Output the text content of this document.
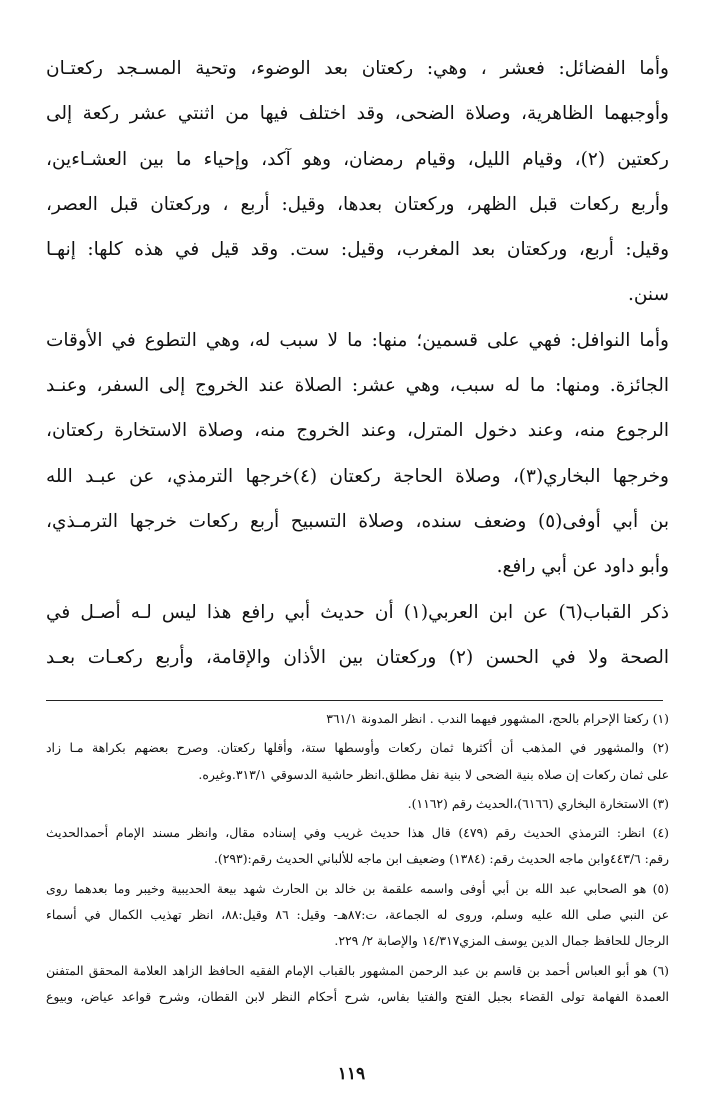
وأما الفضائل: فعشر ، وهي: ركعتان بعد الوضوء، وتحية المسـجد ركعتـان
وأوجبهما الظاهرية، وصلاة الضحى، وقد اختلف فيها من اثنتي عشر ركعة إلى
ركعتين (٢)، وقيام الليل، وقيام رمضان، وهو آكد، وإحياء ما بين العشـاءين،
وأربع ركعات قبل الظهر، وركعتان بعدها، وقيل: أربع ، وركعتان قبل العصر،
وقيل: أربع، وركعتان بعد المغرب، وقيل: ست. وقد قيل في هذه كلها: إنهـا
سنن.
وأما النوافل: فهي على قسمين؛ منها: ما لا سبب له، وهي التطوع في الأوقات
الجائزة. ومنها: ما له سبب، وهي عشر: الصلاة عند الخروج إلى السفر، وعنـد
الرجوع منه، وعند دخول المترل، وعند الخروج منه، وصلاة الاستخارة ركعتان،
وخرجها البخاري(٣)، وصلاة الحاجة ركعتان (٤)خرجها الترمذي، عن عبـد الله
بن أبي أوفى(٥) وضعف سنده، وصلاة التسبيح أربع ركعات خرجها الترمـذي،
وأبو داود عن أبي رافع.
ذكر القباب(٦) عن ابن العربي(١) أن حديث أبي رافع هذا ليس لـه أصـل في
الصحة ولا في الحسن (٢) وركعتان بين الأذان والإقامة، وأربع ركعـات بعـد
(١) ركعتا الإحرام بالحج، المشهور فيهما الندب . انظر المدونة ٣٦١/١
(٢) والمشهور في المذهب أن أكثرها ثمان ركعات وأوسطها ستة، وأقلها ركعتان. وصرح بعضهم بكراهة مـا زاد
على ثمان ركعات إن صلاه بنية الضحى لا بنية نفل مطلق.انظر حاشية الدسوقي ٣١٣/١.وغيره.
(٣) الاستخارة البخاري (٦١٦٦)،الحديث رقم (١١٦٢).
(٤) انظر: الترمذي الحديث رقم (٤٧٩) قال هذا حديث غريب وفي إسناده مقال، وانظر مسند الإمام أحمدالحديث
رقم: ٤٤٣/٦وابن ماجه الحديث رقم: (١٣٨٤) وضعيف ابن ماجه للألباني الحديث رقم:(٢٩٣).
(٥) هو الصحابي عبد الله بن أبي أوفى واسمه علقمة بن خالد بن الحارث شهد بيعة الحديبية وخيبر وما بعدهما روى
عن النبي صلى الله عليه وسلم، وروى له الجماعة، ت:٨٧هـ- وقيل: ٨٦ وقيل:٨٨، انظر تهذيب الكمال في أسماء
الرجال للحافظ جمال الدين يوسف المزي١٤/٣١٧ والإصابة ٢/ ٢٢٩.
(٦) هو أبو العباس أحمد بن قاسم بن عبد الرحمن المشهور بالقباب الإمام الفقيه الحافظ الزاهد العلامة المحقق المتفنن
العمدة الفهامة تولى القضاء بجبل الفتح والفتيا بفاس، شرح أحكام النظر لابن القطان، وشرح قواعد عياض، وبيوع
١١٩
